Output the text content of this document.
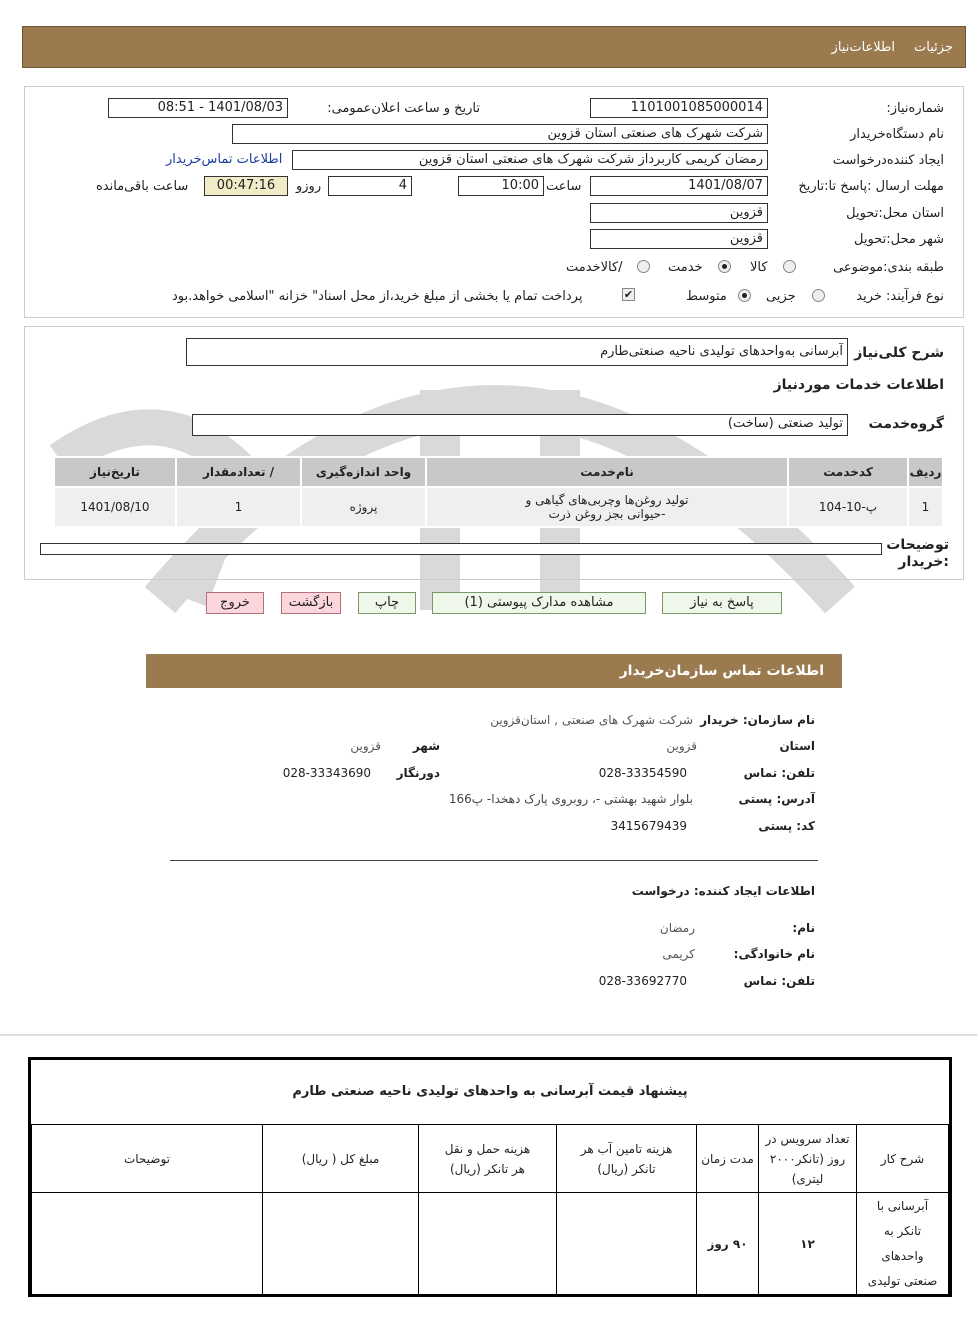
جزئیات
اطلاعات‌نیاز
شماره‌نیاز:
1101001085000014
تاریخ و ساعت اعلان‌عمومی:
1401/08/03 - 08:51
نام دستگاه‌خریدار
شرکت شهرک های صنعتی استان قزوین
ایجاد کننده‌درخواست
رمضان کریمی کاربرداز شرکت شهرک های صنعتی استان قزوین
اطلاعات تماس‌خریدار
مهلت ارسال :پاسخ تا:تاریخ
1401/08/07
ساعت
10:00
4
روزو
00:47:16
ساعت باقی‌مانده
استان محل:تحویل
قزوین
شهر محل:تحویل
قزوین
طبقه بندی:موضوعی
کالا
خدمت
/کالاخدمت
نوع فرآیند: خرید
جزیی
متوسط
✔
پرداخت تمام یا بخشی از مبلغ خرید،از محل اسناد" خزانه "اسلامی خواهد.بود
شرح کلی‌نیاز
آبرسانی به‌واحدهای تولیدی ناحیه صنعتی‌طارم
اطلاعات خدمات موردنیاز
گروه‌خدمت
تولید صنعتی (ساخت)
ردیف	کدخدمت	نام‌خدمت	واحد اندازه‌گیری	/ تعدادمقدار	تاریخ‌نیاز
1	پ-10-104	تولید روغن‌ها وچربی‌های گیاهی و -حیوانی بجز روغن ذرت	پروژه	1	1401/08/10
توضیحات :خریدار
پاسخ به نیاز
مشاهده مدارک پیوستی (1)
چاپ
بازگشت
خروج
اطلاعات تماس سازمان‌خریدار
نام سازمان: خریدار
شرکت شهرک های صنعتی , استان‌قزوین
استان
قزوین
شهر
قزوین
تلفن: تماس
028-33354590
دورنگار
028-33343690
آدرس: پستی
بلوار شهید بهشتی -، روبروی پارک دهخدا- پ166
کد: پستی
3415679439
اطلاعات ایجاد کننده: درخواست
نام:
رمضان
نام خانوادگی:
کریمی
تلفن: تماس
028-33692770
پیشنهاد قیمت آبرسانی به واحدهای تولیدی ناحیه صنعتی طارم
شرح کار	تعداد سرویس در روز (تانکر۲۰۰۰ لیتری)	مدت زمان	هزینه تامین آب هر تانکر (ریال)	هزینه حمل و نقل هر تانکر (ریال)	مبلغ کل ( ریال)	توضیحات
آبرسانی با تانکر به واحدهای صنعتی تولیدی	۱۲	۹۰ روز				
